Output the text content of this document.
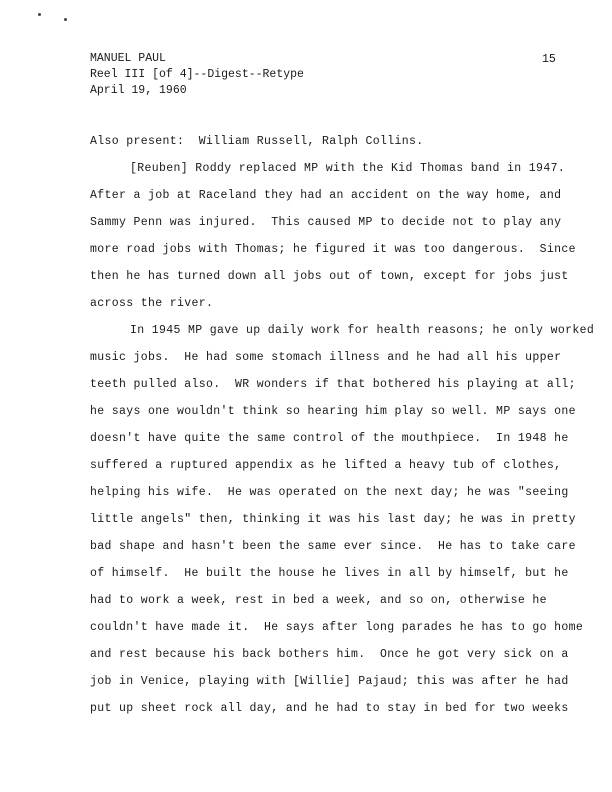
MANUEL PAUL
Reel III [of 4]--Digest--Retype
April 19, 1960
15
Also present:  William Russell, Ralph Collins.
[Reuben] Roddy replaced MP with the Kid Thomas band in 1947.
After a job at Raceland they had an accident on the way home, and
Sammy Penn was injured.  This caused MP to decide not to play any
more road jobs with Thomas; he figured it was too dangerous.  Since
then he has turned down all jobs out of town, except for jobs just
across the river.
In 1945 MP gave up daily work for health reasons; he only worked
music jobs.  He had some stomach illness and he had all his upper
teeth pulled also.  WR wonders if that bothered his playing at all;
he says one wouldn't think so hearing him play so well. MP says one
doesn't have quite the same control of the mouthpiece.  In 1948 he
suffered a ruptured appendix as he lifted a heavy tub of clothes,
helping his wife.  He was operated on the next day; he was "seeing
little angels" then, thinking it was his last day; he was in pretty
bad shape and hasn't been the same ever since.  He has to take care
of himself.  He built the house he lives in all by himself, but he
had to work a week, rest in bed a week, and so on, otherwise he
couldn't have made it.  He says after long parades he has to go home
and rest because his back bothers him.  Once he got very sick on a
job in Venice, playing with [Willie] Pajaud; this was after he had
put up sheet rock all day, and he had to stay in bed for two weeks
